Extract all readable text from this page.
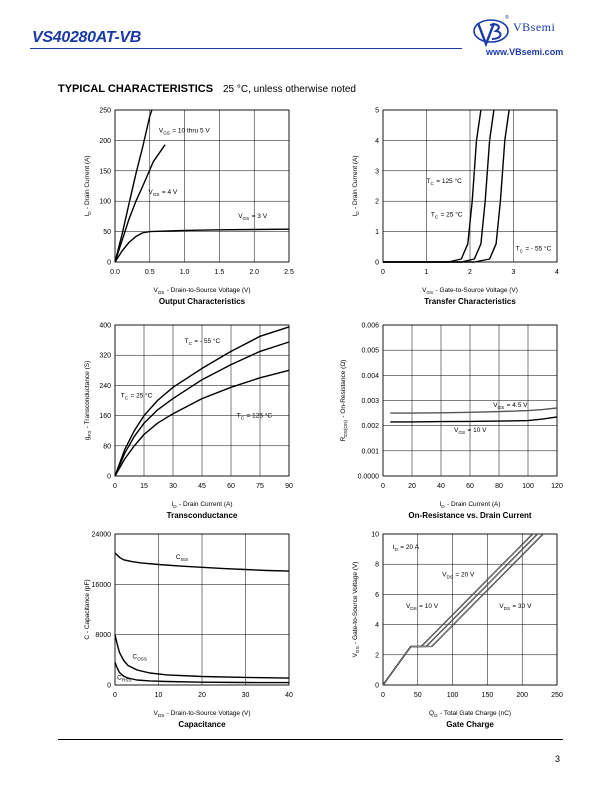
VS40280AT-VB
®
VBsemi
www.VBsemi.com
TYPICAL CHARACTERISTICS 25 °C, unless otherwise noted
0.0	0.5	1.0	1.5	2.0	2.5
0
50
100
150
200
250
$V_{DS}$  - Drain-to-Source Voltage (V)
$I_D$  - Drain Current (A)
Output Characteristics
$V_{GS}$  = 10 thru 5 V
$V_{GS}$  = 4 V
$V_{GS}$  = 3 V
0	1	2	3	4
0
1
2
3
4
5
$V_{GS}$  - Gate-to-Source Voltage (V)
$I_D$  - Drain Current (A)
Transfer Characteristics
$T_C$  = 125 °C
$T_C$  = 25 °C
$T_C$  = - 55 °C
0	15	30	45	60	75	90
0
80
160
240
320
400
$I_D$  - Drain Current (A)
$g_{FS}$  - Transconductance (S)
Transconductance
$T_C$  = - 55 °C
$T_C$  = 25 °C
$T_C$  = 125 °C
0	20	40	60	80	100 120
0.0000
0.001
0.002
0.003
0.004
0.005
0.006
$I_D$  - Drain Current (A)
$R_{DS(ON)}$  - On-Resistance (Ω)
On-Resistance vs. Drain Current
$V_{GS}$  = 4.5 V
$V_{GS}$  = 10 V
0	10	20	30	40
0
8000
16000
24000
$V_{DS}$  - Drain-to-Source Voltage (V)
C - Capacitance (pF)
Capacitance
$C_{ISS}$ 
$C_{OSS}$ 
$C_{RSS}$ 
0	50	100	150	200	250
0
2
4
6
8
10
$Q_G$  - Total Gate Charge (nC)
$V_{GS}$  - Gate-to-Source Voltage (V)
Gate Charge
$I_D$  = 20 A
$V_{DS}$  = 20 V
$V_{DS}$  = 10 V	$V_{DS}$  = 30 V
3
